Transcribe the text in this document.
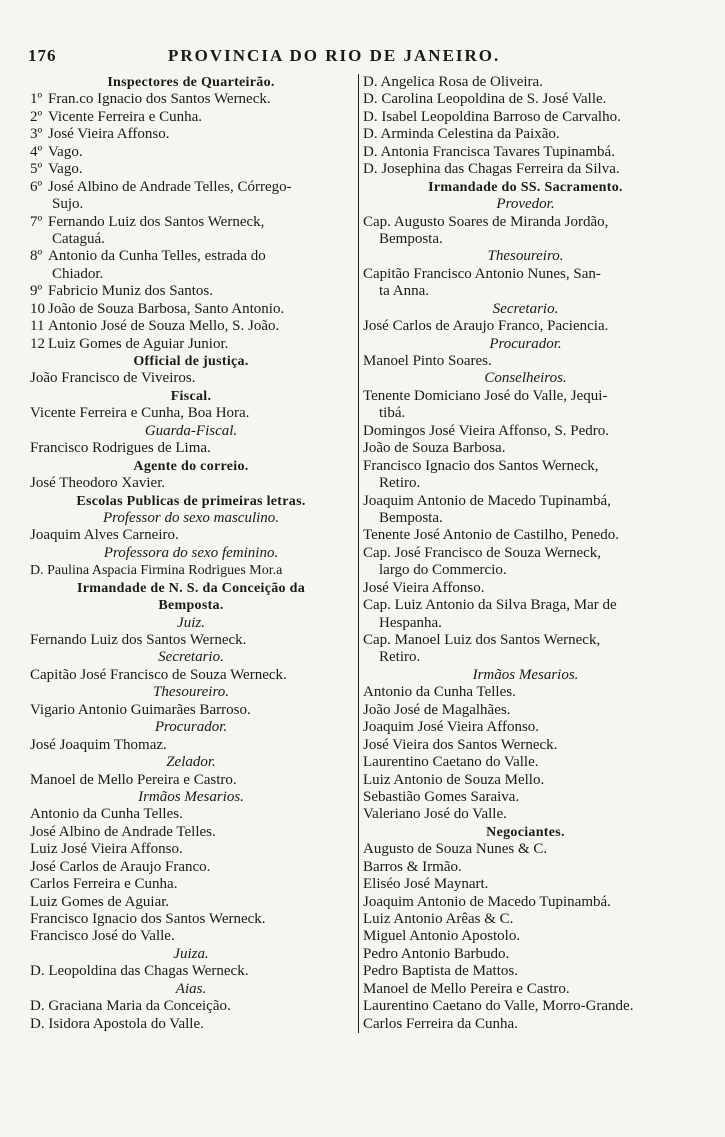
176	PROVINCIA DO RIO DE JANEIRO.
Inspectores de Quarteirão.
1º Fran.co Ignacio dos Santos Werneck.
2º Vicente Ferreira e Cunha.
3º José Vieira Affonso.
4º Vago.
5º Vago.
6º José Albino de Andrade Telles, Córrego-
Sujo.
7º Fernando Luiz dos Santos Werneck,
Cataguá.
8º Antonio da Cunha Telles, estrada do
Chiador.
9º Fabricio Muniz dos Santos.
10 João de Souza Barbosa, Santo Antonio.
11 Antonio José de Souza Mello, S. João.
12 Luiz Gomes de Aguiar Junior.
Official de justiça.
João Francisco de Viveiros.
Fiscal.
Vicente Ferreira e Cunha, Boa Hora.
Guarda-Fiscal.
Francisco Rodrigues de Lima.
Agente do correio.
José Theodoro Xavier.
Escolas Publicas de primeiras letras.
Professor do sexo masculino.
Joaquim Alves Carneiro.
Professora do sexo feminino.
D. Paulina Aspacia Firmina Rodrigues Mor.a
Irmandade de N. S. da Conceição da
Bemposta.
Juiz.
Fernando Luiz dos Santos Werneck.
Secretario.
Capitão José Francisco de Souza Werneck.
Thesoureiro.
Vigario Antonio Guimarães Barroso.
Procurador.
José Joaquim Thomaz.
Zelador.
Manoel de Mello Pereira e Castro.
Irmãos Mesarios.
Antonio da Cunha Telles.
José Albino de Andrade Telles.
Luiz José Vieira Affonso.
José Carlos de Araujo Franco.
Carlos Ferreira e Cunha.
Luiz Gomes de Aguiar.
Francisco Ignacio dos Santos Werneck.
Francisco José do Valle.
Juiza.
D. Leopoldina das Chagas Werneck.
Aias.
D. Graciana Maria da Conceição.
D. Isidora Apostola do Valle.
D. Angelica Rosa de Oliveira.
D. Carolina Leopoldina de S. José Valle.
D. Isabel Leopoldina Barroso de Carvalho.
D. Arminda Celestina da Paixão.
D. Antonia Francisca Tavares Tupinambá.
D. Josephina das Chagas Ferreira da Silva.
Irmandade do SS. Sacramento.
Provedor.
Cap. Augusto Soares de Miranda Jordão,
Bemposta.
Thesoureiro.
Capitão Francisco Antonio Nunes, San-
ta Anna.
Secretario.
José Carlos de Araujo Franco, Paciencia.
Procurador.
Manoel Pinto Soares.
Conselheiros.
Tenente Domiciano José do Valle, Jequi-
tibá.
Domingos José Vieira Affonso, S. Pedro.
João de Souza Barbosa.
Francisco Ignacio dos Santos Werneck,
Retiro.
Joaquim Antonio de Macedo Tupinambá,
Bemposta.
Tenente José Antonio de Castilho, Penedo.
Cap. José Francisco de Souza Werneck,
largo do Commercio.
José Vieira Affonso.
Cap. Luiz Antonio da Silva Braga, Mar de
Hespanha.
Cap. Manoel Luiz dos Santos Werneck,
Retiro.
Irmãos Mesarios.
Antonio da Cunha Telles.
João José de Magalhães.
Joaquim José Vieira Affonso.
José Vieira dos Santos Werneck.
Laurentino Caetano do Valle.
Luiz Antonio de Souza Mello.
Sebastião Gomes Saraiva.
Valeriano José do Valle.
Negociantes.
Augusto de Souza Nunes & C.
Barros & Irmão.
Eliséo José Maynart.
Joaquim Antonio de Macedo Tupinambá.
Luiz Antonio Arêas & C.
Miguel Antonio Apostolo.
Pedro Antonio Barbudo.
Pedro Baptista de Mattos.
Manoel de Mello Pereira e Castro.
Laurentino Caetano do Valle, Morro-Grande.
Carlos Ferreira da Cunha.
